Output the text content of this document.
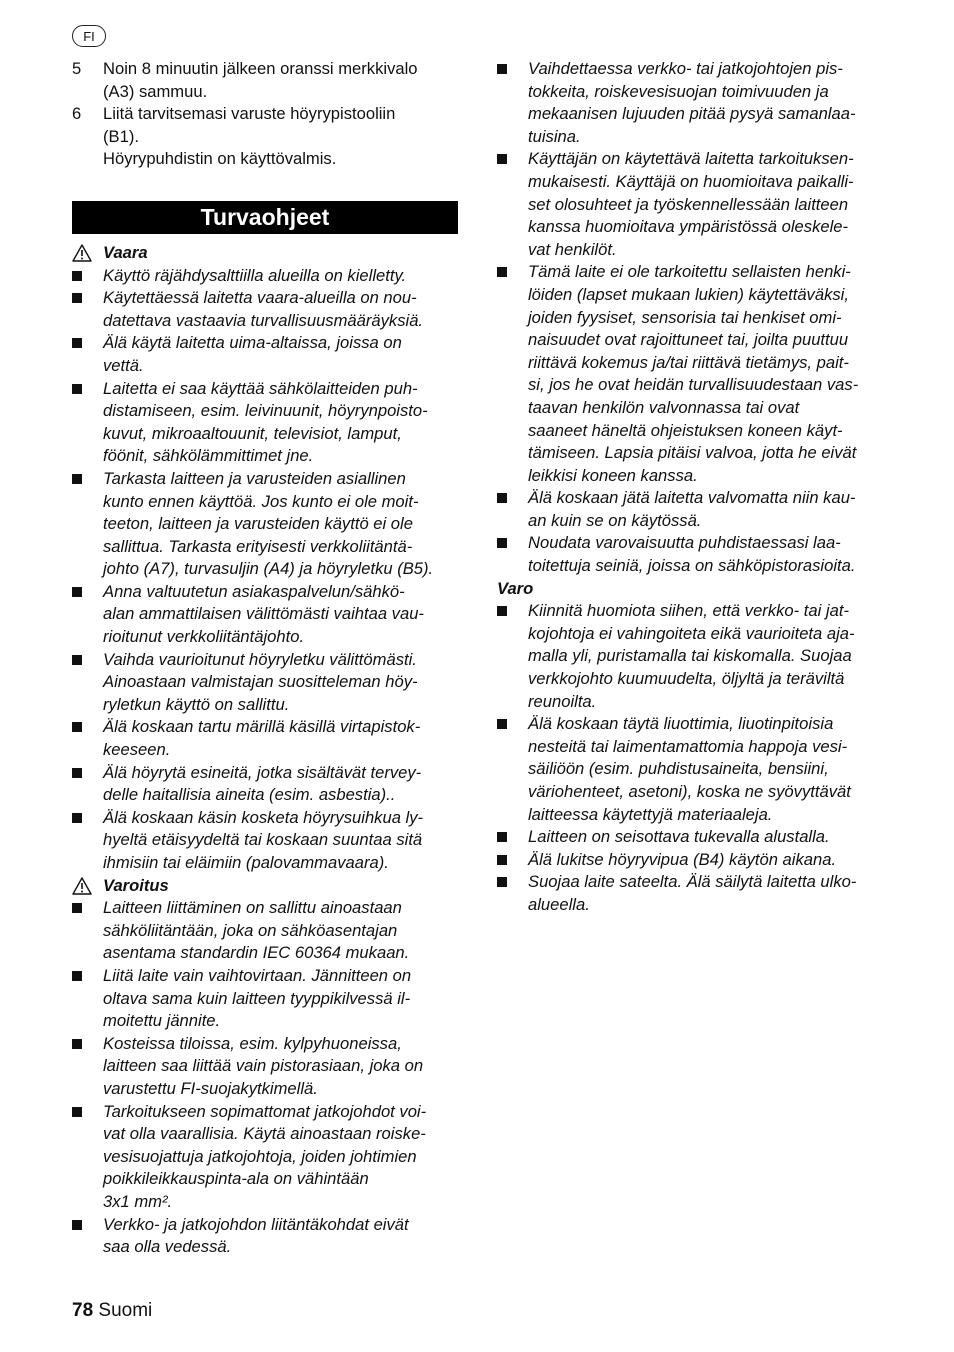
FI
5 Noin 8 minuutin jälkeen oranssi merkkivalo
(A3) sammuu.
6 Liitä tarvitsemasi varuste höyrypistooliin
(B1).
Höyrypuhdistin on käyttövalmis.
Turvaohjeet
Vaara
Käyttö räjähdysalttiilla alueilla on kielletty.
Käytettäessä laitetta vaara-alueilla on nou-
datettava vastaavia turvallisuusmääräyksiä.
Älä käytä laitetta uima-altaissa, joissa on
vettä.
Laitetta ei saa käyttää sähkölaitteiden puh-
distamiseen, esim. leivinuunit, höyrynpoisto-
kuvut, mikroaaltouunit, televisiot, lamput,
föönit, sähkölämmittimet jne.
Tarkasta laitteen ja varusteiden asiallinen
kunto ennen käyttöä. Jos kunto ei ole moit-
teeton, laitteen ja varusteiden käyttö ei ole
sallittua. Tarkasta erityisesti verkkoliitäntä-
johto (A7), turvasuljin (A4) ja höyryletku (B5).
Anna valtuutetun asiakaspalvelun/sähkö-
alan ammattilaisen välittömästi vaihtaa vau-
rioitunut verkkoliitäntäjohto.
Vaihda vaurioitunut höyryletku välittömästi.
Ainoastaan valmistajan suositteleman höy-
ryletkun käyttö on sallittu.
Älä koskaan tartu märillä käsillä virtapistok-
keeseen.
Älä höyrytä esineitä, jotka sisältävät tervey-
delle haitallisia aineita (esim. asbestia)..
Älä koskaan käsin kosketa höyrysuihkua ly-
hyeltä etäisyydeltä tai koskaan suuntaa sitä
ihmisiin tai eläimiin (palovammavaara).
Varoitus
Laitteen liittäminen on sallittu ainoastaan
sähköliitäntään, joka on sähköasentajan
asentama standardin IEC 60364 mukaan.
Liitä laite vain vaihtovirtaan. Jännitteen on
oltava sama kuin laitteen tyyppikilvessä il-
moitettu jännite.
Kosteissa tiloissa, esim. kylpyhuoneissa,
laitteen saa liittää vain pistorasiaan, joka on
varustettu FI-suojakytkimellä.
Tarkoitukseen sopimattomat jatkojohdot voi-
vat olla vaarallisia. Käytä ainoastaan roiske-
vesisuojattuja jatkojohtoja, joiden johtimien
poikkileikkauspinta-ala on vähintään
3x1 mm².
Verkko- ja jatkojohdon liitäntäkohdat eivät
saa olla vedessä.
Vaihdettaessa verkko- tai jatkojohtojen pis-
tokkeita, roiskevesisuojan toimivuuden ja
mekaanisen lujuuden pitää pysyä samanlaa-
tuisina.
Käyttäjän on käytettävä laitetta tarkoituksen-
mukaisesti. Käyttäjä on huomioitava paikalli-
set olosuhteet ja työskennellessään laitteen
kanssa huomioitava ympäristössä oleskele-
vat henkilöt.
Tämä laite ei ole tarkoitettu sellaisten henki-
löiden (lapset mukaan lukien) käytettäväksi,
joiden fyysiset, sensorisia tai henkiset omi-
naisuudet ovat rajoittuneet tai, joilta puuttuu
riittävä kokemus ja/tai riittävä tietämys, pait-
si, jos he ovat heidän turvallisuudestaan vas-
taavan henkilön valvonnassa tai ovat
saaneet häneltä ohjeistuksen koneen käyt-
tämiseen. Lapsia pitäisi valvoa, jotta he eivät
leikkisi koneen kanssa.
Älä koskaan jätä laitetta valvomatta niin kau-
an kuin se on käytössä.
Noudata varovaisuutta puhdistaessasi laa-
toitettuja seiniä, joissa on sähköpistorasioita.
Varo
Kiinnitä huomiota siihen, että verkko- tai jat-
kojohtoja ei vahingoiteta eikä vaurioiteta aja-
malla yli, puristamalla tai kiskomalla. Suojaa
verkkojohto kuumuudelta, öljyltä ja teräviltä
reunoilta.
Älä koskaan täytä liuottimia, liuotinpitoisia
nesteitä tai laimentamattomia happoja vesi-
säiliöön (esim. puhdistusaineita, bensiini,
väriohenteet, asetoni), koska ne syövyttävät
laitteessa käytettyjä materiaaleja.
Laitteen on seisottava tukevalla alustalla.
Älä lukitse höyryvipua (B4) käytön aikana.
Suojaa laite sateelta. Älä säilytä laitetta ulko-
alueella.
78 Suomi
